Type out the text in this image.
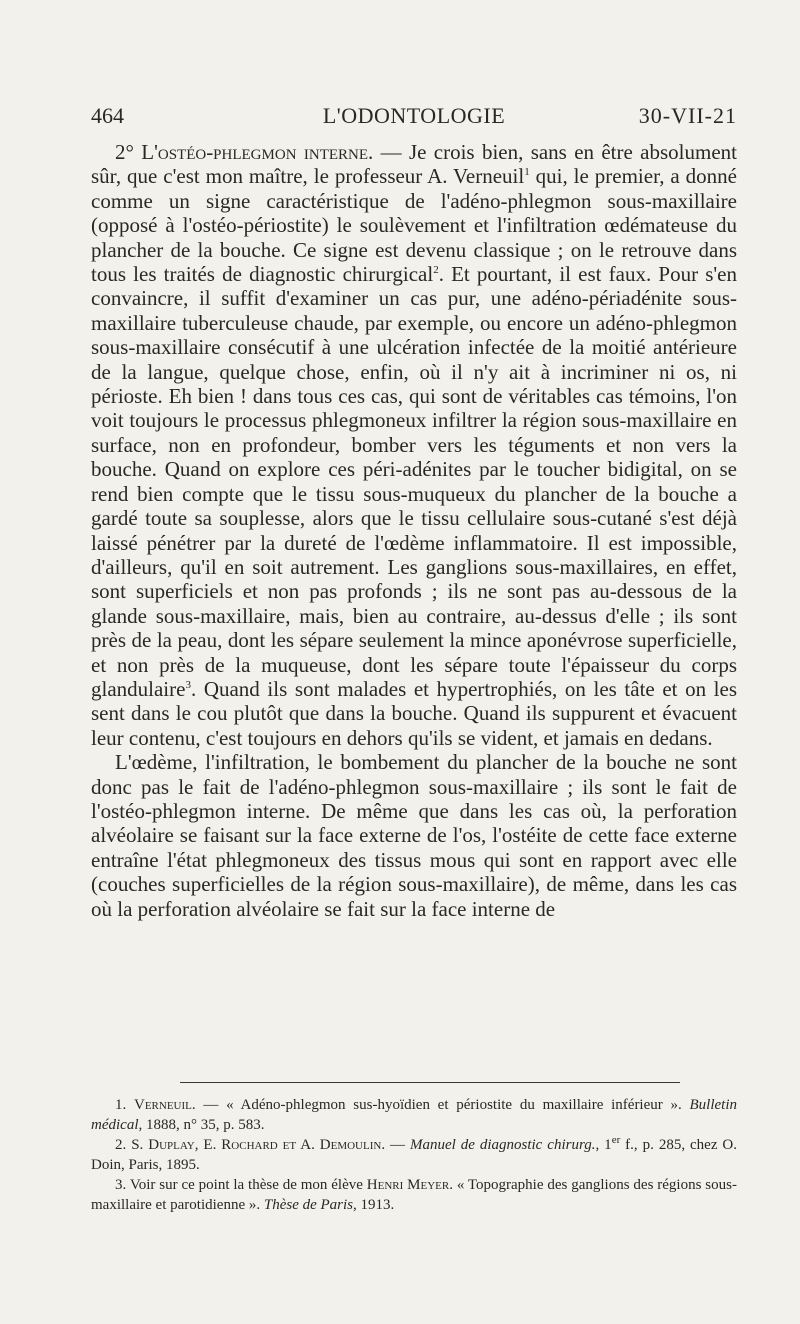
464	L'ODONTOLOGIE	30-VII-21

2° L'ostéo-phlegmon interne. — Je crois bien, sans en être absolument sûr, que c'est mon maître, le professeur A. Verneuil$^1$ qui, le premier, a donné comme un signe caractéristique de l'adéno-phlegmon sous-maxillaire (opposé à l'ostéo-périostite) le soulèvement et l'infiltration œdémateuse du plancher de la bouche. Ce signe est devenu classique ; on le retrouve dans tous les traités de diagnostic chirurgical$^2$. Et pourtant, il est faux. Pour s'en convaincre, il suffit d'examiner un cas pur, une adéno-périadénite sous-maxillaire tuberculeuse chaude, par exemple, ou encore un adéno-phlegmon sous-maxillaire consécutif à une ulcération infectée de la moitié antérieure de la langue, quelque chose, enfin, où il n'y ait à incriminer ni os, ni périoste. Eh bien ! dans tous ces cas, qui sont de véritables cas témoins, l'on voit toujours le processus phlegmoneux infiltrer la région sous-maxillaire en surface, non en profondeur, bomber vers les téguments et non vers la bouche. Quand on explore ces péri-adénites par le toucher bidigital, on se rend bien compte que le tissu sous-muqueux du plancher de la bouche a gardé toute sa souplesse, alors que le tissu cellulaire sous-cutané s'est déjà laissé pénétrer par la dureté de l'œdème inflammatoire. Il est impossible, d'ailleurs, qu'il en soit autrement. Les ganglions sous-maxillaires, en effet, sont superficiels et non pas profonds ; ils ne sont pas au-dessous de la glande sous-maxillaire, mais, bien au contraire, au-dessus d'elle ; ils sont près de la peau, dont les sépare seulement la mince aponévrose superficielle, et non près de la muqueuse, dont les sépare toute l'épaisseur du corps glandulaire$^3$. Quand ils sont malades et hypertrophiés, on les tâte et on les sent dans le cou plutôt que dans la bouche. Quand ils suppurent et évacuent leur contenu, c'est toujours en dehors qu'ils se vident, et jamais en dedans.

L'œdème, l'infiltration, le bombement du plancher de la bouche ne sont donc pas le fait de l'adéno-phlegmon sous-maxillaire ; ils sont le fait de l'ostéo-phlegmon interne. De même que dans les cas où, la perforation alvéolaire se faisant sur la face externe de l'os, l'ostéite de cette face externe entraîne l'état phlegmoneux des tissus mous qui sont en rapport avec elle (couches superficielles de la région sous-maxillaire), de même, dans les cas où la perforation alvéolaire se fait sur la face interne de

1. Verneuil. — « Adéno-phlegmon sus-hyoïdien et périostite du maxillaire inférieur ». Bulletin médical, 1888, n° 35, p. 583.

2. S. Duplay, E. Rochard et A. Demoulin. — Manuel de diagnostic chirurg., 1er f., p. 285, chez O. Doin, Paris, 1895.

3. Voir sur ce point la thèse de mon élève Henri Meyer. « Topographie des ganglions des régions sous-maxillaire et parotidienne ». Thèse de Paris, 1913.
